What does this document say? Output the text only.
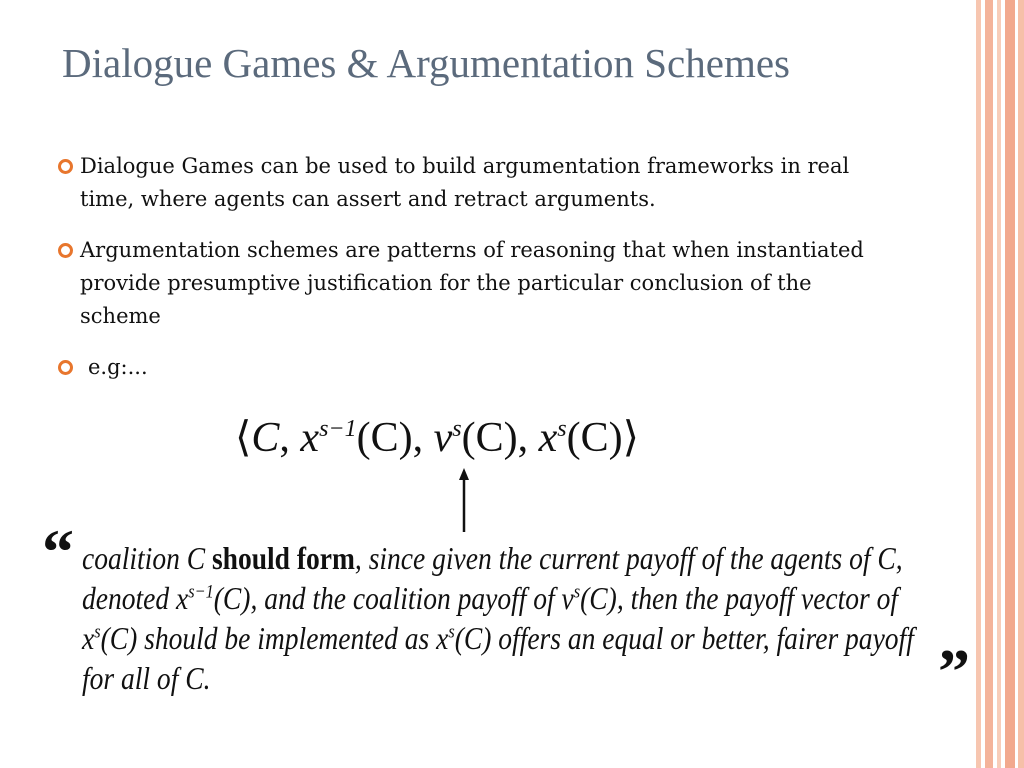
Dialogue Games & Argumentation Schemes
Dialogue Games can be used to build argumentation frameworks in real time, where agents can assert and retract arguments.
Argumentation schemes are patterns of reasoning that when instantiated provide presumptive justification for the particular conclusion of the scheme
e.g:...
⟨C, $x^{s-1}(C)$, $v^s(C)$, $x^s(C)⟩$
“ coalition C should form, since given the current payoff of the agents of C, denoted $x^{s-1}(C)$, and the coalition payoff of $v^s(C)$, then the payoff vector of $x^s(C)$ should be implemented as $x^s(C)$ offers an equal or better, fairer payoff for all of C.	”
